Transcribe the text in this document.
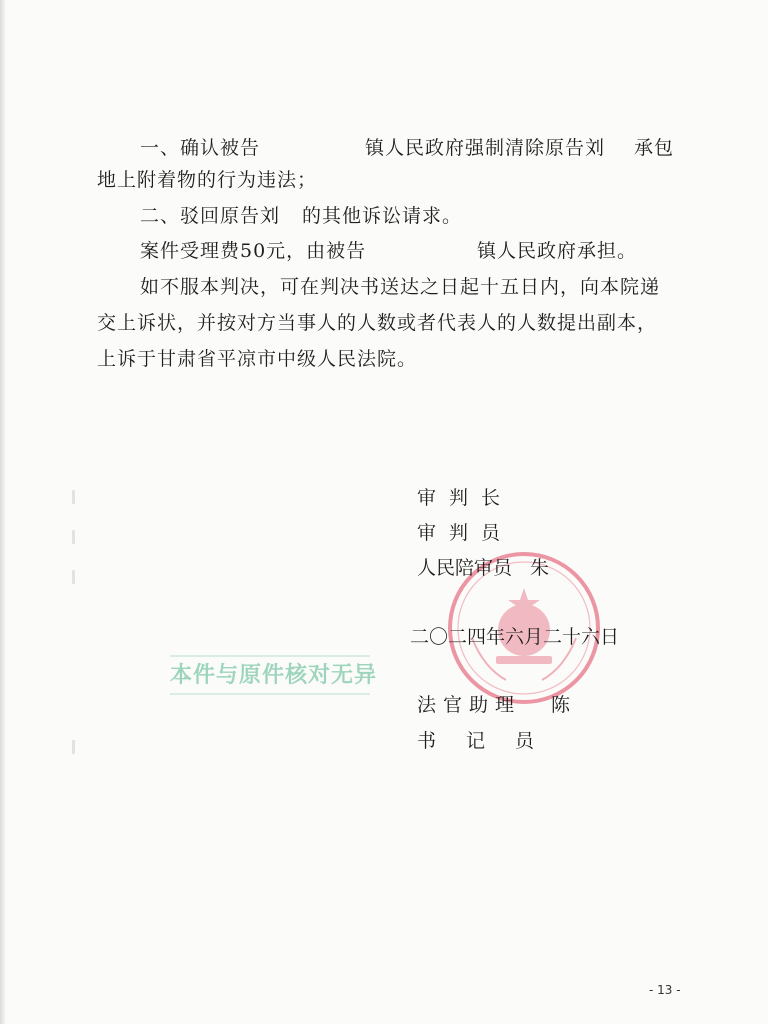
一、确认被告	镇人民政府强制清除原告刘 承包
地上附着物的行为违法；
二、驳回原告刘 的其他诉讼请求。
案件受理费50元，由被告	镇人民政府承担。
如不服本判决，可在判决书送达之日起十五日内，向本院递
交上诉状，并按对方当事人的人数或者代表人的人数提出副本，
上诉于甘肃省平凉市中级人民法院。
审判长
审判员
人民陪审员 朱
二〇二四年六月二十六日
法官助理 陈
书记员
本件与原件核对无异
- 13 -
